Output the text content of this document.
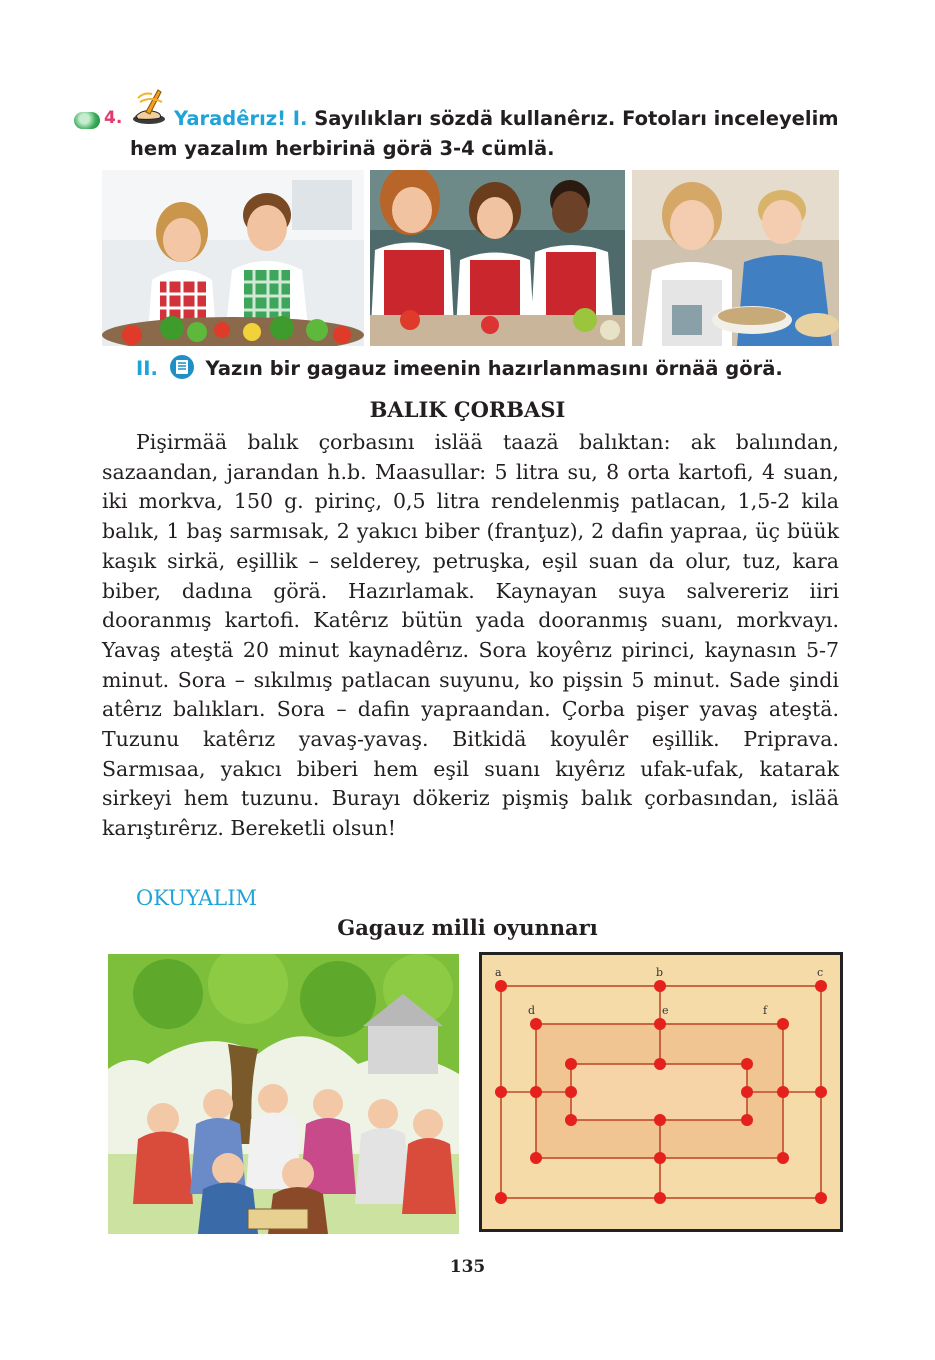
4.	Yaradêrız! I. Sayılıkları sözdä kullanêrız. Fotoları inceleyelim
hem yazalım herbirinä görä 3-4 cümlä.
II. Yazın bir gagauz imeenin hazırlanmasını örnää görä.
BALIK ÇORBASI
Pişirmää balık çorbasını islää taazä balıktan: ak balıından, sazaandan, jarandan h.b. Maasullar: 5 litra su, 8 orta kartofi, 4 suan, iki morkva, 150 g. pirinç, 0,5 litra rendelenmiş patlacan, 1,5-2 kila balık, 1 baş sarmısak, 2 yakıcı biber (franţuz), 2 dafin yapraa, üç büük kaşık sirkä, eşillik – selderey, petruşka, eşil suan da olur, tuz, kara biber, dadına görä. Hazırlamak. Kaynayan suya salvereriz iiri dooranmış kartofi. Katêrız bütün yada dooranmış suanı, morkvayı. Yavaş ateştä 20 minut kaynadêrız. Sora koyêrız pirinci, kaynasın 5-7 minut. Sora – sıkılmış patlacan suyunu, ko pişsin 5 minut. Sade şindi atêrız balıkları. Sora – dafin yapraandan. Çorba pişer yavaş ateştä. Tuzunu katêrız yavaş-yavaş. Bitkidä koyulêr eşillik. Priprava. Sarmısaa, yakıcı biberi hem eşil suanı kıyêrız ufak-ufak, katarak sirkeyi hem tuzunu. Burayı dökeriz pişmiş balık çorbasından, islää karıştırêrız. Bereketli olsun!
OKUYALIM
Gagauz milli oyunnarı
a	b	c
d	e	f
135
